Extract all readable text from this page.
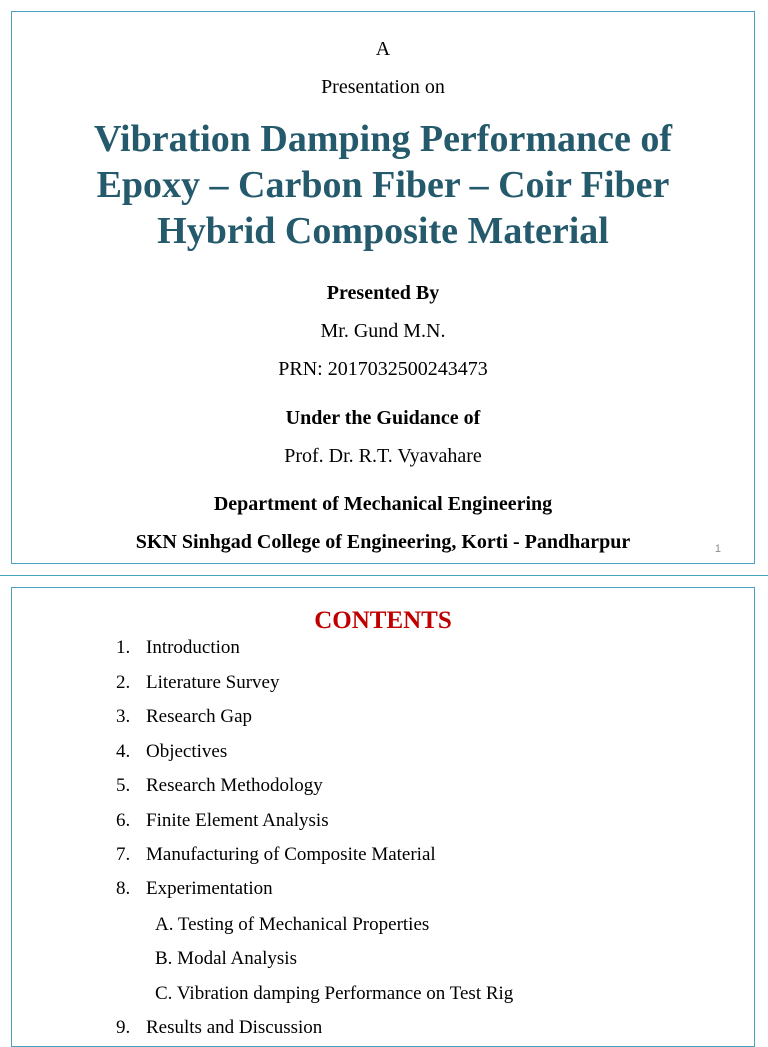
A
Presentation on
Vibration Damping Performance of
Epoxy – Carbon Fiber – Coir Fiber
Hybrid Composite Material
Presented By
Mr. Gund M.N.
PRN: 2017032500243473
Under the Guidance of
Prof. Dr. R.T. Vyavahare
Department of Mechanical Engineering
SKN Sinhgad College of Engineering, Korti - Pandharpur	1
CONTENTS
1. Introduction
2. Literature Survey
3. Research Gap
4. Objectives
5. Research Methodology
6. Finite Element Analysis
7. Manufacturing of Composite Material
8. Experimentation
A. Testing of Mechanical Properties
B. Modal Analysis
C. Vibration damping Performance on Test Rig
9. Results and Discussion
